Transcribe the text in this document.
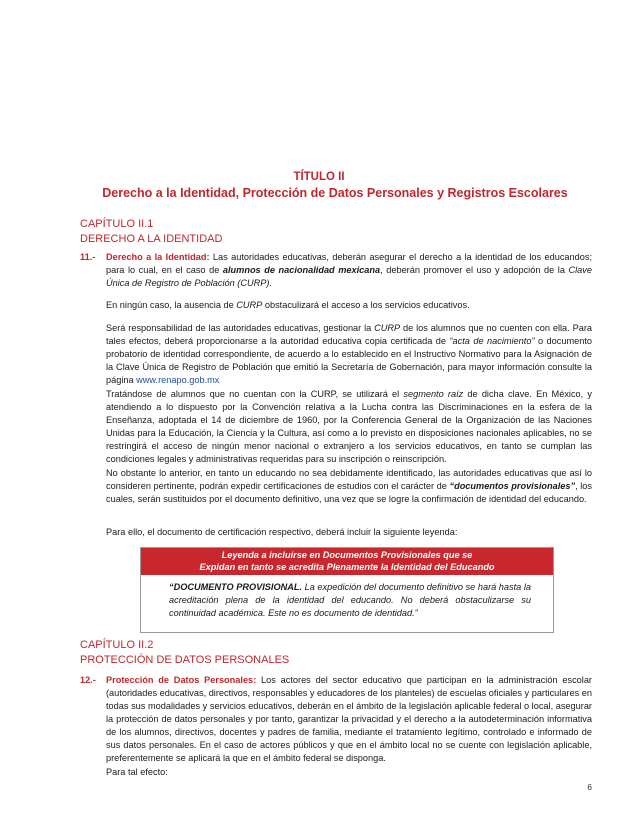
TÍTULO II
Derecho a la Identidad, Protección de Datos Personales y Registros Escolares
CAPÍTULO II.1
DERECHO A LA IDENTIDAD
11.- Derecho a la Identidad: Las autoridades educativas, deberán asegurar el derecho a la identidad de los educandos; para lo cual, en el caso de alumnos de nacionalidad mexicana, deberán promover el uso y adopción de la Clave Única de Registro de Población (CURP).
En ningún caso, la ausencia de CURP obstaculizará el acceso a los servicios educativos.
Será responsabilidad de las autoridades educativas, gestionar la CURP de los alumnos que no cuenten con ella. Para tales efectos, deberá proporcionarse a la autoridad educativa copia certificada de “acta de nacimiento” o documento probatorio de identidad correspondiente, de acuerdo a lo establecido en el Instructivo Normativo para la Asignación de la Clave Única de Registro de Población que emitió la Secretaría de Gobernación, para mayor información consulte la página www.renapo.gob.mx
Tratándose de alumnos que no cuentan con la CURP, se utilizará el segmento raíz de dicha clave. En México, y atendiendo a lo dispuesto por la Convención relativa a la Lucha contra las Discriminaciones en la esfera de la Enseñanza, adoptada el 14 de diciembre de 1960, por la Conferencia General de la Organización de las Naciones Unidas para la Educación, la Ciencia y la Cultura, así como a lo previsto en disposiciones nacionales aplicables, no se restringirá el acceso de ningún menor nacional o extranjero a los servicios educativos, en tanto se cumplan las condiciones legales y administrativas requeridas para su inscripción o reinscripción.
No obstante lo anterior, en tanto un educando no sea debidamente identificado, las autoridades educativas que así lo consideren pertinente, podrán expedir certificaciones de estudios con el carácter de “documentos provisionales”, los cuales, serán sustituidos por el documento definitivo, una vez que se logre la confirmación de identidad del educando.
Para ello, el documento de certificación respectivo, deberá incluir la siguiente leyenda:
Leyenda a incluirse en Documentos Provisionales que se
Expidan en tanto se acredita Plenamente la Identidad del Educando
“DOCUMENTO PROVISIONAL. La expedición del documento definitivo se hará hasta la acreditación plena de la identidad del educando. No deberá obstaculizarse su continuidad académica. Este no es documento de identidad.”
CAPÍTULO II.2
PROTECCIÓN DE DATOS PERSONALES
12.- Protección de Datos Personales: Los actores del sector educativo que participan en la administración escolar (autoridades educativas, directivos, responsables y educadores de los planteles) de escuelas oficiales y particulares en todas sus modalidades y servicios educativos, deberán en el ámbito de la legislación aplicable federal o local, asegurar la protección de datos personales y por tanto, garantizar la privacidad y el derecho a la autodeterminación informativa de los alumnos, directivos, docentes y padres de familia, mediante el tratamiento legítimo, controlado e informado de sus datos personales. En el caso de actores públicos y que en el ámbito local no se cuente con legislación aplicable, preferentemente se aplicará la que en el ámbito federal se disponga.
Para tal efecto:
6
